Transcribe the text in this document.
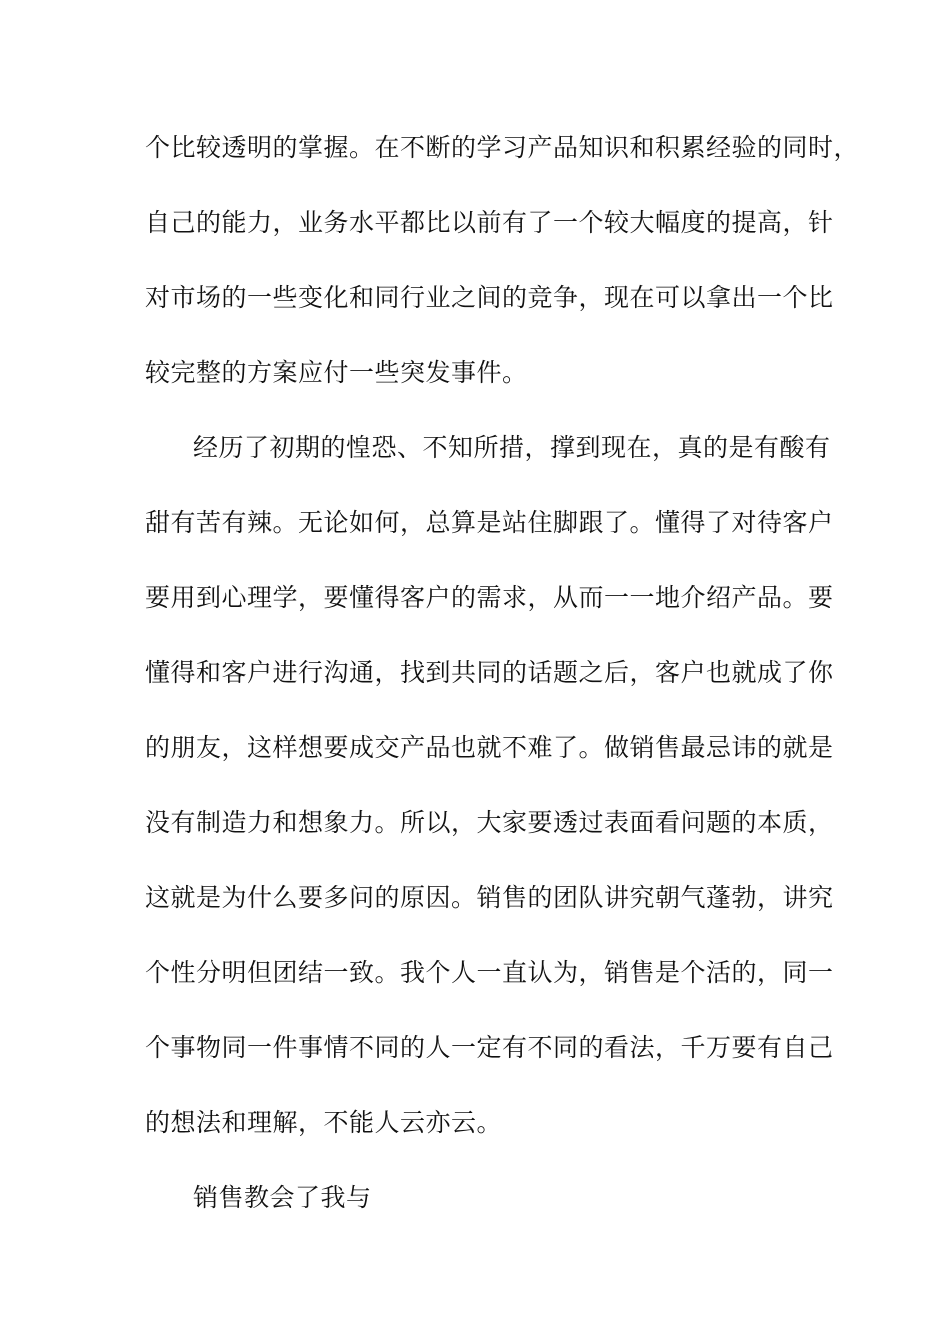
个比较透明的掌握。在不断的学习产品知识和积累经验的同时，
自己的能力，业务水平都比以前有了一个较大幅度的提高，针
对市场的一些变化和同行业之间的竞争，现在可以拿出一个比
较完整的方案应付一些突发事件。
经历了初期的惶恐、不知所措，撑到现在，真的是有酸有
甜有苦有辣。无论如何，总算是站住脚跟了。懂得了对待客户
要用到心理学，要懂得客户的需求，从而一一地介绍产品。要
懂得和客户进行沟通，找到共同的话题之后，客户也就成了你
的朋友，这样想要成交产品也就不难了。做销售最忌讳的就是
没有制造力和想象力。所以，大家要透过表面看问题的本质，
这就是为什么要多问的原因。销售的团队讲究朝气蓬勃，讲究
个性分明但团结一致。我个人一直认为，销售是个活的，同一
个事物同一件事情不同的人一定有不同的看法，千万要有自己
的想法和理解，不能人云亦云。
销售教会了我与
